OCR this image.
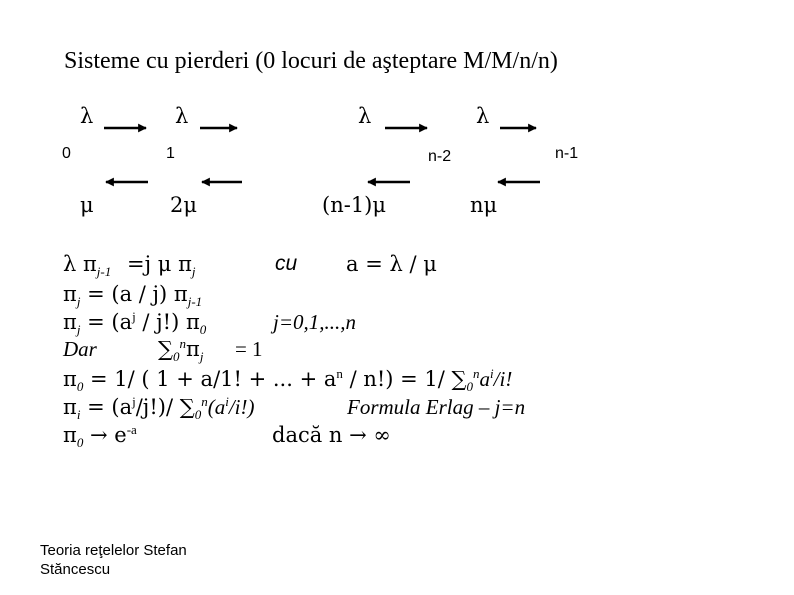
Sisteme cu pierderi (0 locuri de aşteptare M/M/n/n)
λ	λ	λ	λ
0	1	n-2	n-1
μ	2μ	(n-1)μ	nμ
λ $\pi_{j-1} =j$ μ $\pi_j$	cu a = λ / μ
$\pi_j = (a / j)$ $\pi_{j-1}$
$\pi_j = (a^j / j!)$ $\pi_0$	j=0,1,...,n
Dar	$\sum_0^n\pi_j = 1$
$\pi_0 = 1/$ ( 1 + a/1! + ... + $a^n / n!) = 1/$ $\sum_0^na^i/i$!
$\pi_i = (a^j/j!)/$ $\sum_0^n(a^i/i!)$	Formula Erlag – j=n
$\pi_0 \to e^{-a}$	dacă n → ∞
Teoria reţelelor Stefan
Stăncescu
